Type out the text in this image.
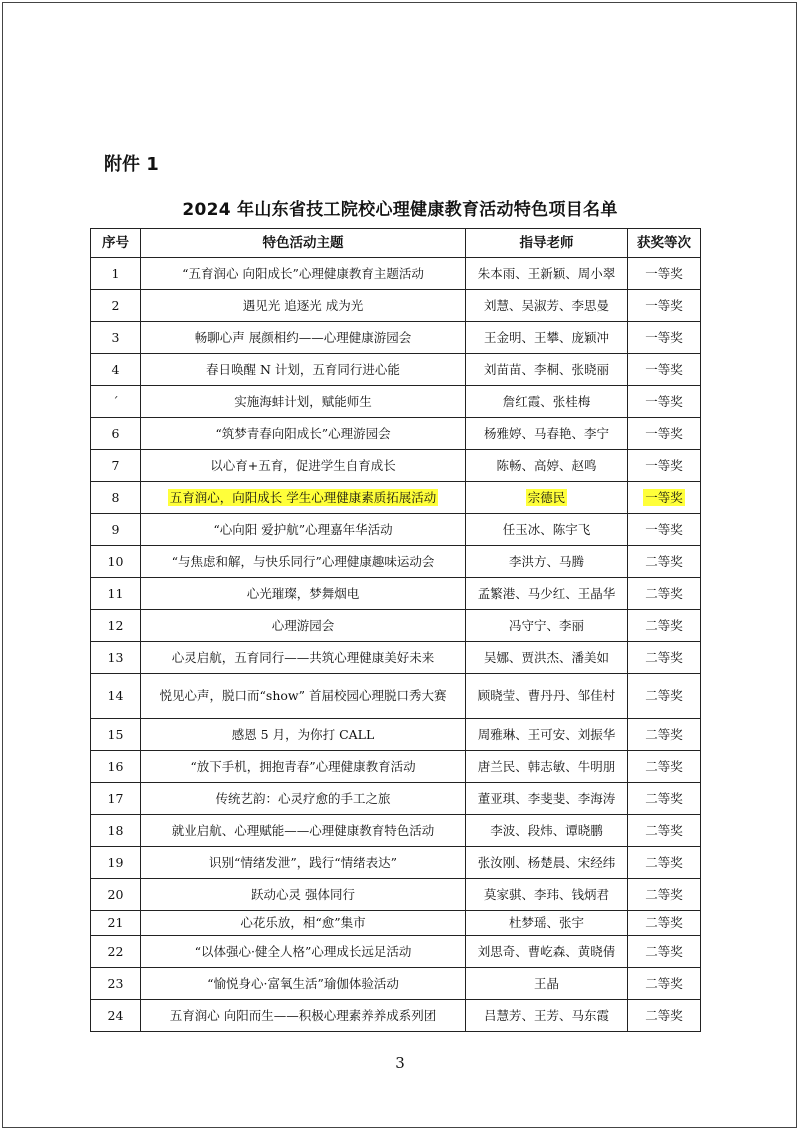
附件 1
2024 年山东省技工院校心理健康教育活动特色项目名单
序号	特色活动主题	指导老师	获奖等次
1	“五育润心 向阳成长”心理健康教育主题活动	朱本雨、王新颖、周小翠	一等奖
2	遇见光 追逐光 成为光	刘慧、吴淑芳、李思曼	一等奖
3	畅聊心声 展颜相约——心理健康游园会	王金明、王攀、庞颖冲	一等奖
4	春日唤醒 N 计划，五育同行进心能	刘苗苗、李桐、张晓丽	一等奖
ˊ	实施海蚌计划，赋能师生	詹红霞、张桂梅	一等奖
6	“筑梦青春向阳成长”心理游园会	杨雅婷、马春艳、李宁	一等奖
7	以心育+五育，促进学生自育成长	陈畅、高婷、赵鸣	一等奖
8	五育润心，向阳成长 学生心理健康素质拓展活动	宗德民	一等奖
9	“心向阳 爱护航”心理嘉年华活动	任玉冰、陈宇飞	一等奖
10	“与焦虑和解，与快乐同行”心理健康趣味运动会	李洪方、马腾	二等奖
11	心光璀璨，梦舞烟电	孟繁港、马少红、王晶华	二等奖
12	心理游园会	冯守宁、李丽	二等奖
13	心灵启航，五育同行——共筑心理健康美好未来	吴娜、贾洪杰、潘美如	二等奖
14	悦见心声，脱口而“show” 首届校园心理脱口秀大赛	顾晓莹、曹丹丹、邹佳村	二等奖
15	感恩 5 月，为你打 CALL	周雅琳、王可安、刘振华	二等奖
16	“放下手机，拥抱青春”心理健康教育活动	唐兰民、韩志敏、牛明朋	二等奖
17	传统艺韵：心灵疗愈的手工之旅	董亚琪、李斐斐、李海涛	二等奖
18	就业启航、心理赋能——心理健康教育特色活动	李波、段炜、谭晓鹏	二等奖
19	识别“情绪发泄”，践行“情绪表达”	张汝刚、杨楚晨、宋经纬	二等奖
20	跃动心灵 强体同行	莫家骐、李玮、钱炳君	二等奖
21	心花乐放，相“愈”集市	杜梦瑶、张宇	二等奖
22	“以体强心·健全人格”心理成长远足活动	刘思奇、曹屹森、黄晓倩	二等奖
23	“愉悦身心·富氧生活”瑜伽体验活动	王晶	二等奖
24	五育润心 向阳而生——积极心理素养养成系列团	吕慧芳、王芳、马东霞	二等奖
3
